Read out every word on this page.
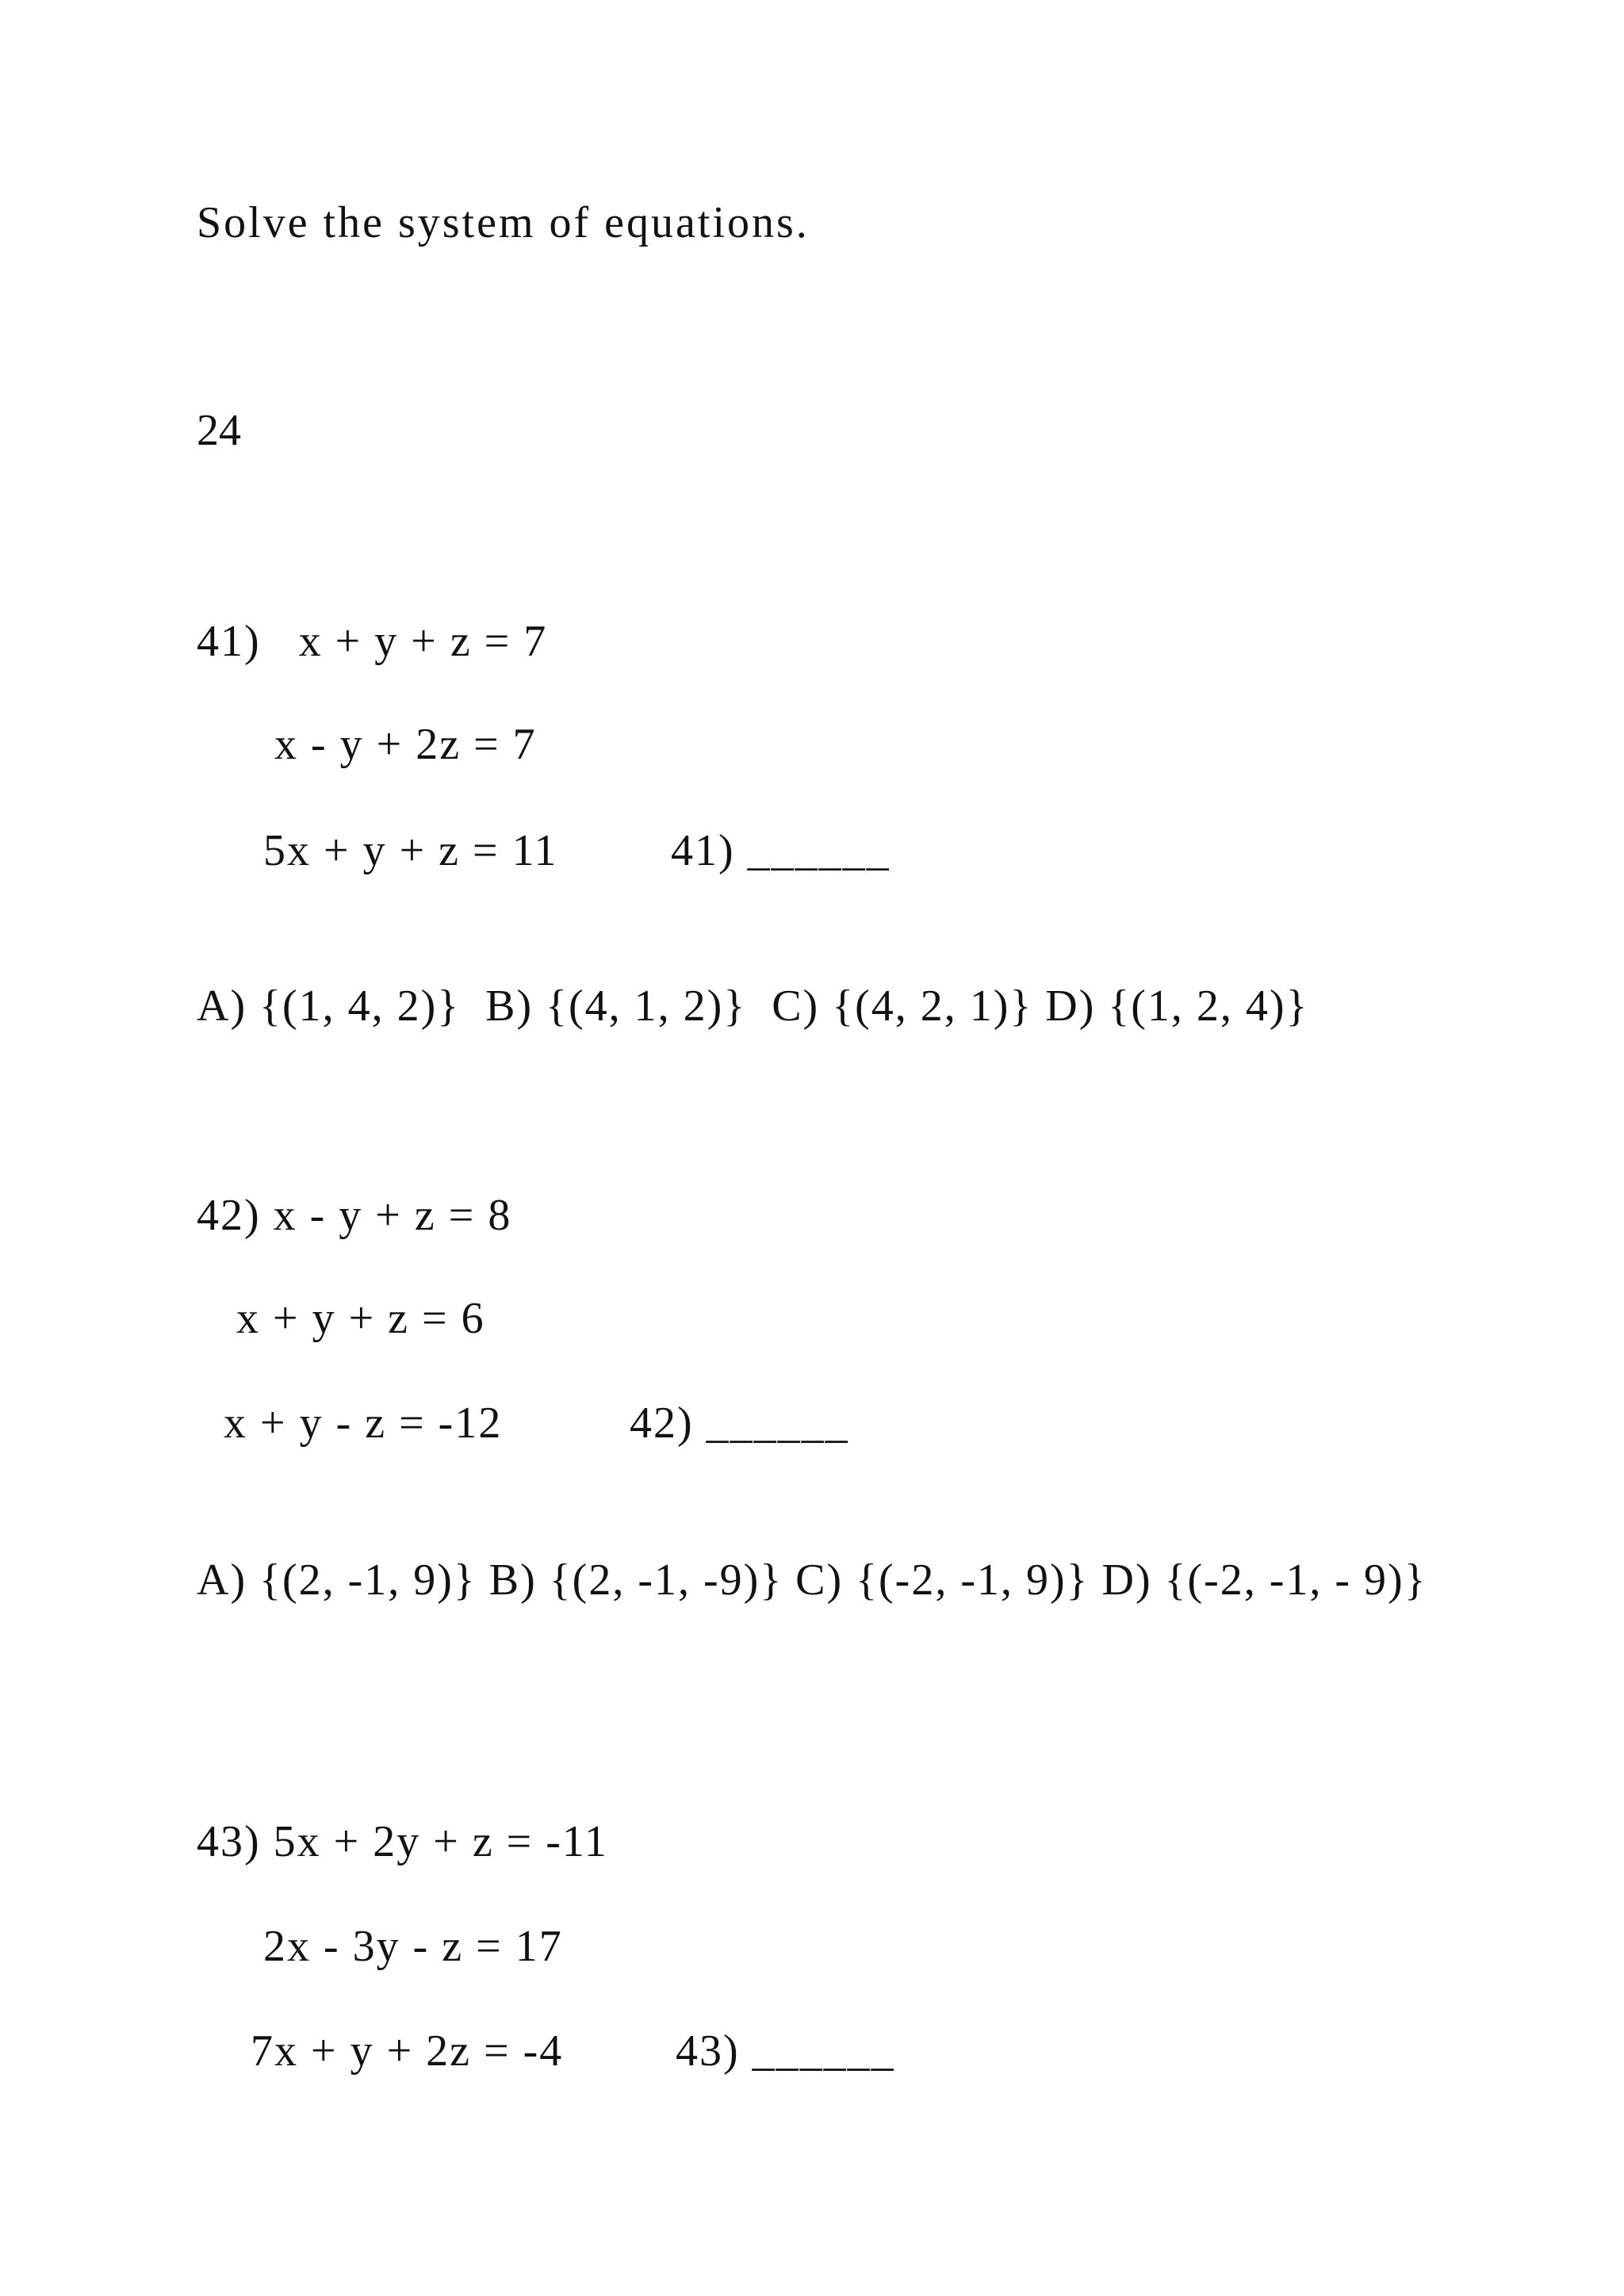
Solve the system of equations.

24

41)   x + y + z = 7

x - y + 2z = 7

5x + y + z = 11	41) ______

A) {(1, 4, 2)}  B) {(4, 1, 2)}  C) {(4, 2, 1)} D) {(1, 2, 4)}

42) x - y + z = 8

x + y + z = 6

x + y - z = -12	42) ______

A) {(2, -1, 9)} B) {(2, -1, -9)} C) {(-2, -1, 9)} D) {(-2, -1, - 9)}

43) 5x + 2y + z = -11

2x - 3y - z = 17

7x + y + 2z = -4	43) ______
